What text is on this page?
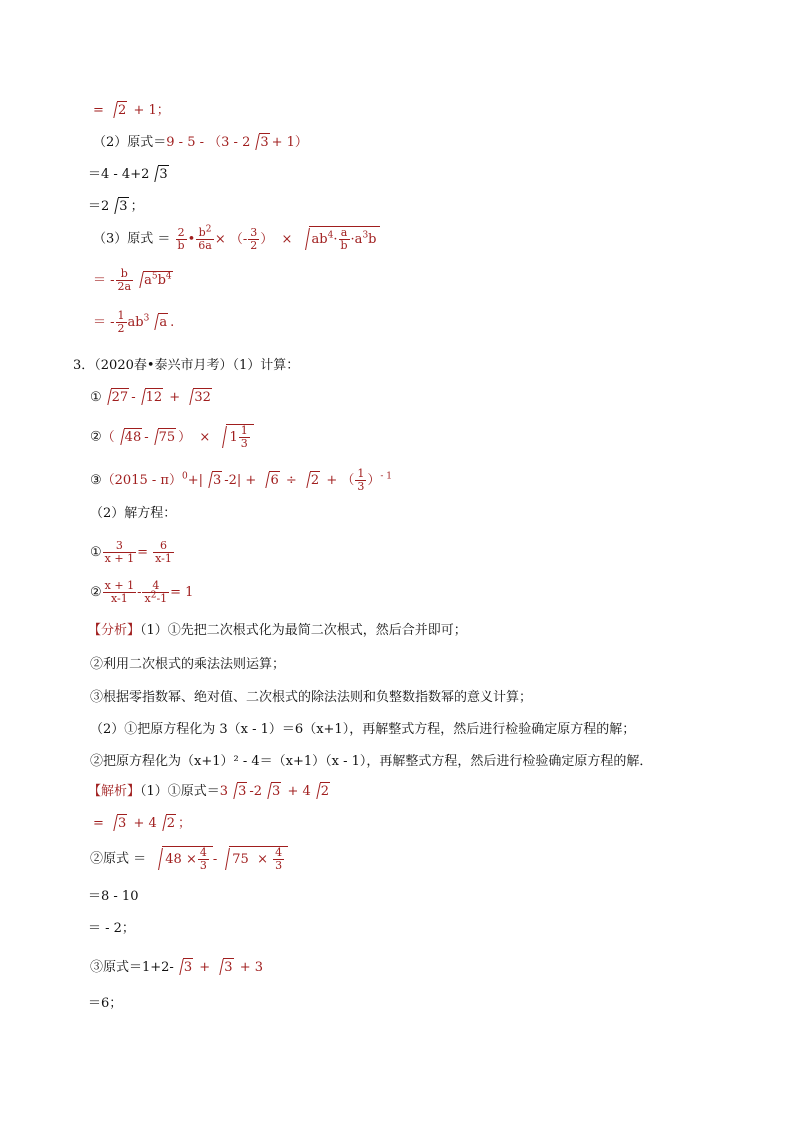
= 2 + 1；
（2）原式＝9 - 5 - （3 - 2 3 + 1）
＝4 - 4+2 3
＝2 3 ；
（3）原式 ＝ $\frac{2}{b}$ • $\frac{b^2}{6a}$ × （- $\frac{3}{2}$ ）  × $ab^4\cdot \frac{a}{b} \cdot a^3b$
＝ - $\frac{b}{2a} a^5b^4$
＝ - $\frac{1}{2} ab^3$ a .
3．（2020春•泰兴市月考）（1）计算：
① 27 - 12 + 32
②（ 48 - 75 ）  × $1 \frac{1}{3}$
③（2015 - π）$^0$+| 3 -2| + 6 ÷ 2 + （ $\frac{1}{3} )^{- 1}$
（2）解方程：
① $\frac{3}{x + 1} = \frac{6}{x-1}$
② $\frac{x + 1}{x-1} - \frac{4}{x^2-1} = 1$
【分析】（1）①先把二次根式化为最简二次根式，然后合并即可；
②利用二次根式的乘法法则运算；
③根据零指数幂、绝对值、二次根式的除法法则和负整数指数幂的意义计算；
（2）①把原方程化为 3（x - 1）＝6（x+1），再解整式方程，然后进行检验确定原方程的解；
②把原方程化为（x+1）² - 4＝（x+1）（x - 1），再解整式方程，然后进行检验确定原方程的解．
【解析】（1）①原式＝3 3 -2 3 + 4 2
= 3 + 4 2 ；
②原式 ＝ $48 \times \frac{4}{3} - 75 \times \frac{4}{3}$
＝8 - 10
＝ - 2；
③原式＝1+2- 3 + 3 + 3
＝6；
